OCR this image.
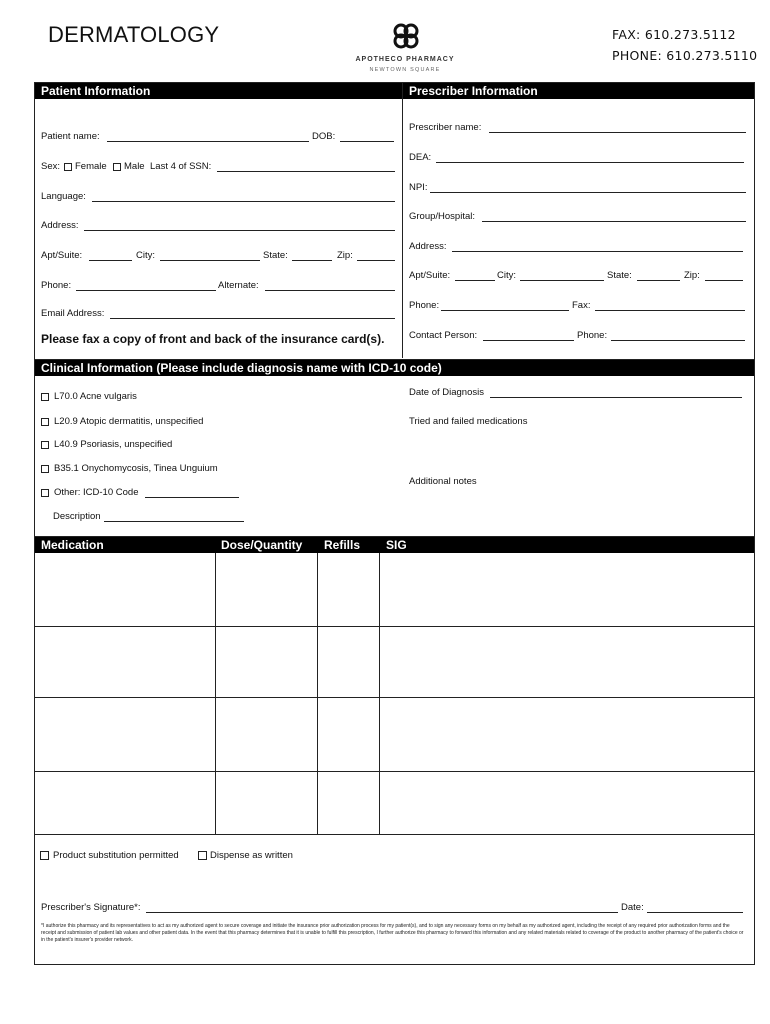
DERMATOLOGY	FAX: 610.273.5112
PHONE: 610.273.5110
APOTHECO PHARMACY
NEWTOWN SQUARE
Patient Information	Prescriber Information
Patient name:	DOB:
Sex: Female Male Last 4 of SSN:
Language:
Address:
Apt/Suite:	City:	State:	Zip:
Phone:	Alternate:
Email Address:
Please fax a copy of front and back of the insurance card(s).
Prescriber name:
DEA:
NPI:
Group/Hospital:
Address:
Apt/Suite:	City:	State:	Zip:
Phone:	Fax:
Contact Person:	Phone:
Clinical Information (Please include diagnosis name with ICD-10 code)
L70.0 Acne vulgaris
L20.9 Atopic dermatitis, unspecified
L40.9 Psoriasis, unspecified
B35.1 Onychomycosis, Tinea Unguium
Other: ICD-10 Code
Description
Date of Diagnosis
Tried and failed medications
Additional notes
Medication	Dose/Quantity Refills SIG
Product substitution permitted	Dispense as written
Prescriber's Signature*:	Date:
*I authorize this pharmacy and its representatives to act as my authorized agent to secure coverage and initiate the insurance prior authorization process for my patient(s), and to sign any necessary forms on my behalf as my authorized agent, including the receipt of any required prior authorization forms and the receipt and submission of patient lab values and other patient data. In the event that this pharmacy determines that it is unable to fulfill this prescription, I further authorize this pharmacy to forward this information and any related materials related to coverage of the product to another pharmacy of the patient's choice or in the patient's insurer's provider network.
